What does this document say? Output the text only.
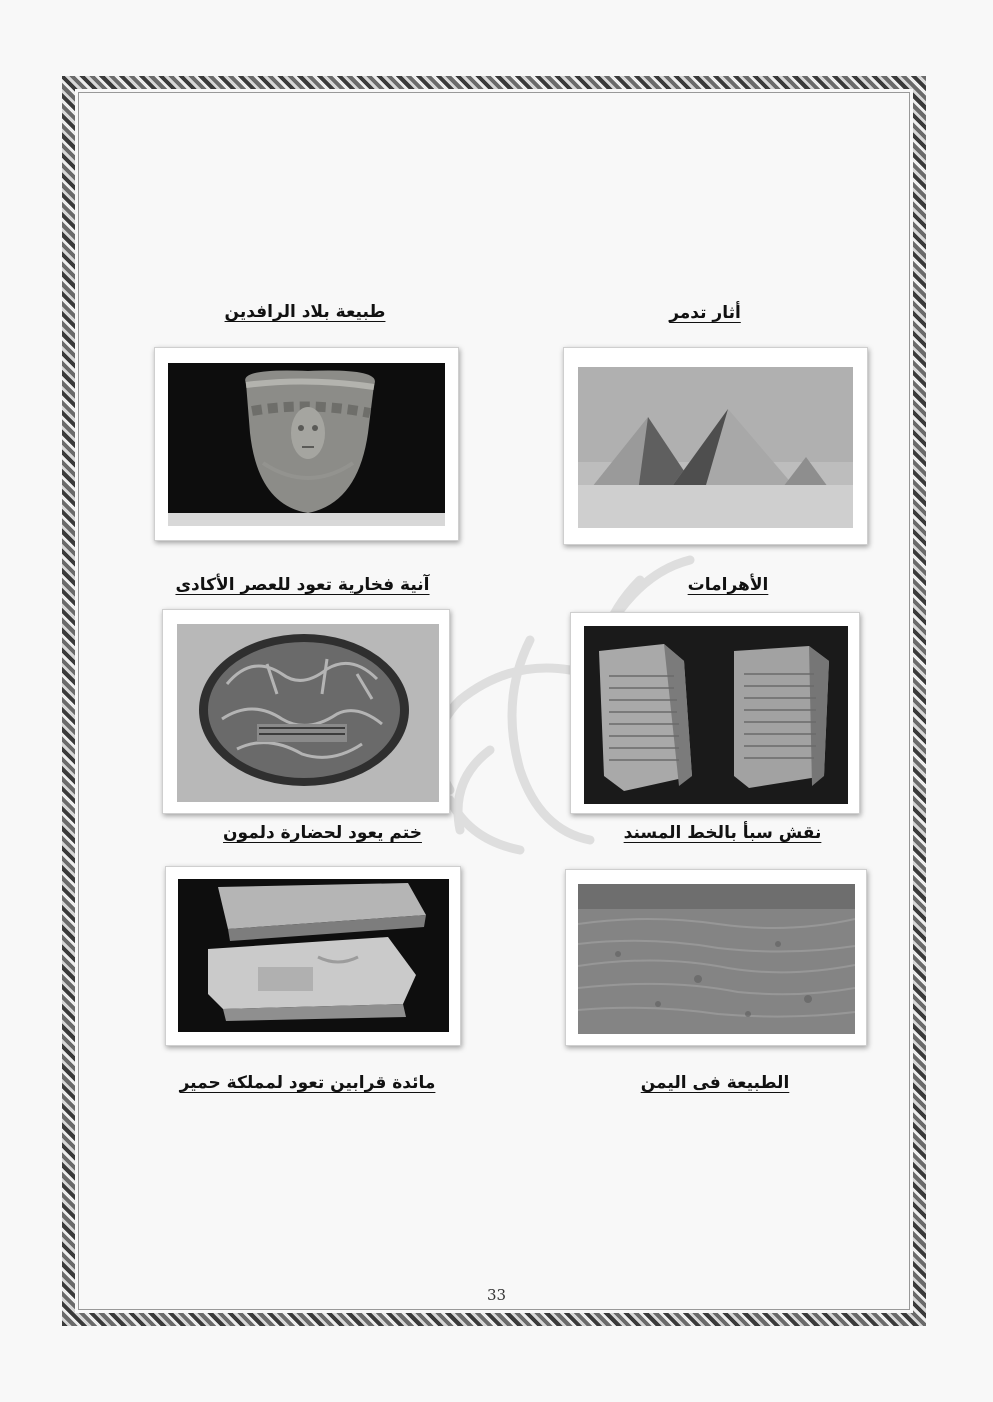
أثار تدمر
طبيعة بلاد الرافدين
الأهرامات
آنية فخارية تعود للعصر الأكادى
نقش سبأ بالخط المسند
ختم يعود لحضارة دلمون
الطبيعة فى اليمن
مائدة قرابين تعود لمملكة حمير
33
